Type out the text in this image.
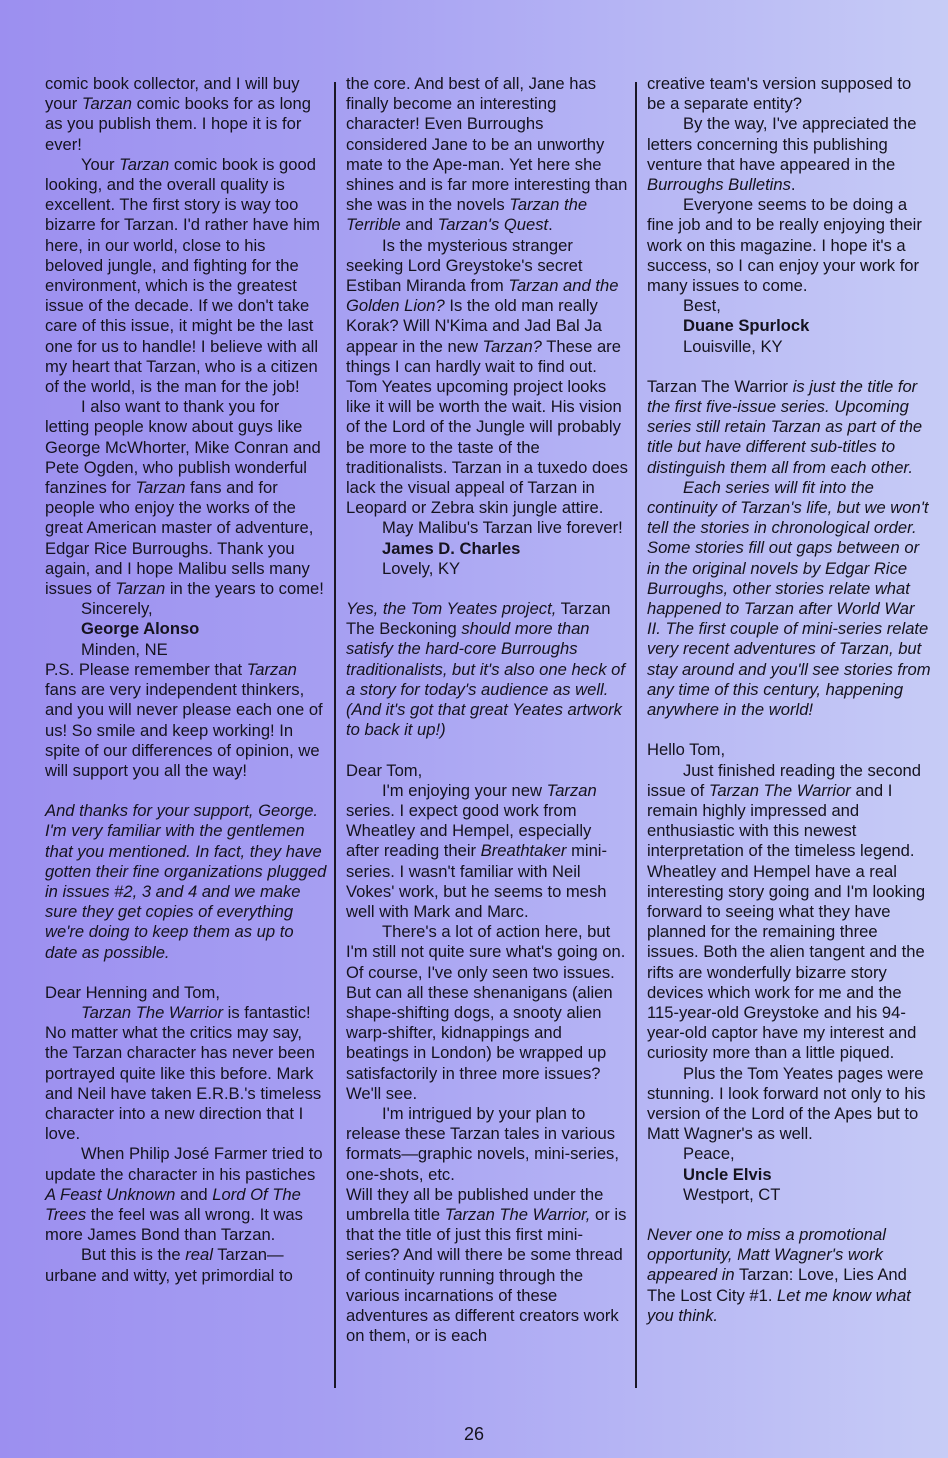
comic book collector, and I will buy your Tarzan comic books for as long as you publish them. I hope it is for ever!

Your Tarzan comic book is good looking, and the overall quality is excellent. The first story is way too bizarre for Tarzan. I'd rather have him here, in our world, close to his beloved jungle, and fighting for the environment, which is the greatest issue of the decade. If we don't take care of this issue, it might be the last one for us to handle! I believe with all my heart that Tarzan, who is a citizen of the world, is the man for the job!

I also want to thank you for letting people know about guys like George McWhorter, Mike Conran and Pete Ogden, who publish wonderful fanzines for Tarzan fans and for people who enjoy the works of the great American master of adventure, Edgar Rice Burroughs. Thank you again, and I hope Malibu sells many issues of Tarzan in the years to come!

Sincerely,

George Alonso

Minden, NE

P.S. Please remember that Tarzan fans are very independent thinkers, and you will never please each one of us! So smile and keep working! In spite of our differences of opinion, we will support you all the way!

And thanks for your support, George. I'm very familiar with the gentlemen that you mentioned. In fact, they have gotten their fine organizations plugged in issues #2, 3 and 4 and we make sure they get copies of everything we're doing to keep them as up to date as possible.

Dear Henning and Tom,

Tarzan The Warrior is fantastic! No matter what the critics may say, the Tarzan character has never been portrayed quite like this before. Mark and Neil have taken E.R.B.'s timeless character into a new direction that I love.

When Philip José Farmer tried to update the character in his pastiches A Feast Unknown and Lord Of The Trees the feel was all wrong. It was more James Bond than Tarzan.

But this is the real Tarzan—urbane and witty, yet primordial to

the core. And best of all, Jane has finally become an interesting character! Even Burroughs considered Jane to be an unworthy mate to the Ape-man. Yet here she shines and is far more interesting than she was in the novels Tarzan the Terrible and Tarzan's Quest.

Is the mysterious stranger seeking Lord Greystoke's secret Estiban Miranda from Tarzan and the Golden Lion? Is the old man really Korak? Will N'Kima and Jad Bal Ja appear in the new Tarzan? These are things I can hardly wait to find out. Tom Yeates upcoming project looks like it will be worth the wait. His vision of the Lord of the Jungle will probably be more to the taste of the traditionalists. Tarzan in a tuxedo does lack the visual appeal of Tarzan in Leopard or Zebra skin jungle attire.

May Malibu's Tarzan live forever!

James D. Charles

Lovely, KY

Yes, the Tom Yeates project, Tarzan The Beckoning should more than satisfy the hard-core Burroughs traditionalists, but it's also one heck of a story for today's audience as well. (And it's got that great Yeates artwork to back it up!)

Dear Tom,

I'm enjoying your new Tarzan series. I expect good work from Wheatley and Hempel, especially after reading their Breathtaker mini-series. I wasn't familiar with Neil Vokes' work, but he seems to mesh well with Mark and Marc.

There's a lot of action here, but I'm still not quite sure what's going on. Of course, I've only seen two issues. But can all these shenanigans (alien shape-shifting dogs, a snooty alien warp-shifter, kidnappings and beatings in London) be wrapped up satisfactorily in three more issues? We'll see.

I'm intrigued by your plan to release these Tarzan tales in various formats—graphic novels, mini-series, one-shots, etc.

Will they all be published under the umbrella title Tarzan The Warrior, or is that the title of just this first mini-series? And will there be some thread of continuity running through the various incarnations of these adventures as different creators work on them, or is each

creative team's version supposed to be a separate entity?

By the way, I've appreciated the letters concerning this publishing venture that have appeared in the Burroughs Bulletins.

Everyone seems to be doing a fine job and to be really enjoying their work on this magazine. I hope it's a success, so I can enjoy your work for many issues to come.

Best,

Duane Spurlock

Louisville, KY

Tarzan The Warrior is just the title for the first five-issue series. Upcoming series still retain Tarzan as part of the title but have different sub-titles to distinguish them all from each other.

Each series will fit into the continuity of Tarzan's life, but we won't tell the stories in chronological order. Some stories fill out gaps between or in the original novels by Edgar Rice Burroughs, other stories relate what happened to Tarzan after World War II. The first couple of mini-series relate very recent adventures of Tarzan, but stay around and you'll see stories from any time of this century, happening anywhere in the world!

Hello Tom,

Just finished reading the second issue of Tarzan The Warrior and I remain highly impressed and enthusiastic with this newest interpretation of the timeless legend. Wheatley and Hempel have a real interesting story going and I'm looking forward to seeing what they have planned for the remaining three issues. Both the alien tangent and the rifts are wonderfully bizarre story devices which work for me and the 115-year-old Greystoke and his 94-year-old captor have my interest and curiosity more than a little piqued.

Plus the Tom Yeates pages were stunning. I look forward not only to his version of the Lord of the Apes but to Matt Wagner's as well.

Peace,

Uncle Elvis

Westport, CT

Never one to miss a promotional opportunity, Matt Wagner's work appeared in Tarzan: Love, Lies And The Lost City #1. Let me know what you think.

26
